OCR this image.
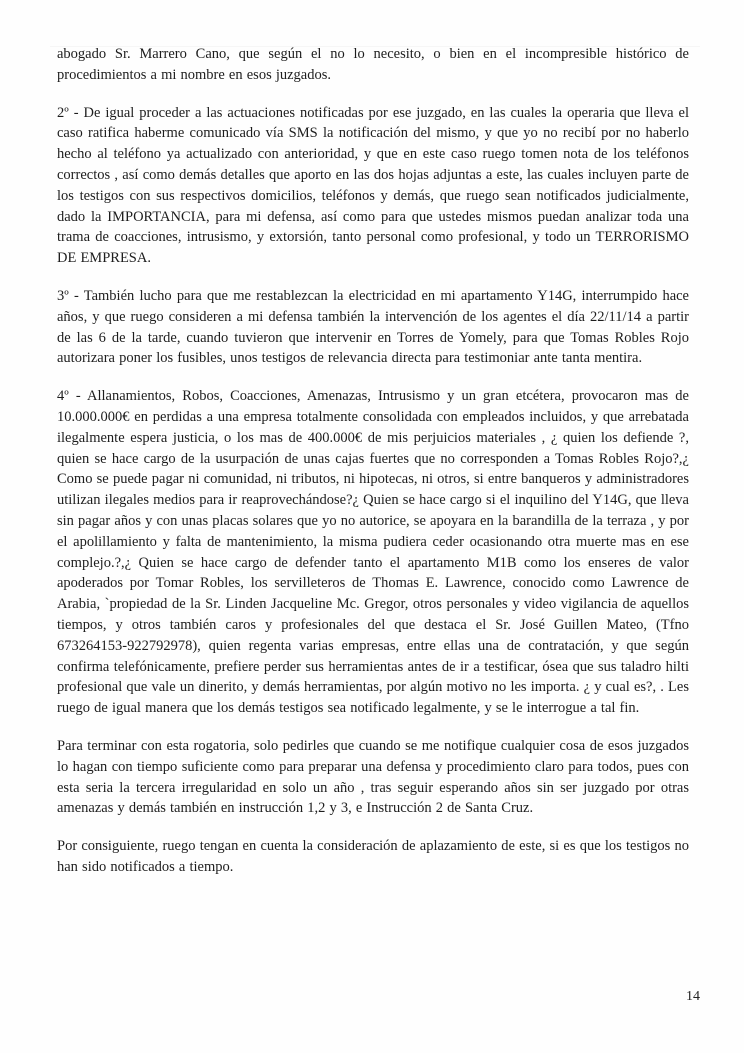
abogado Sr. Marrero Cano, que según el no lo necesito, o bien en el incompresible histórico de procedimientos a mi nombre en esos juzgados.

2º - De igual proceder a las actuaciones notificadas por ese juzgado, en las cuales la operaria que lleva el caso ratifica haberme comunicado vía SMS la notificación del mismo, y que yo no recibí por no haberlo hecho al teléfono ya actualizado con anterioridad, y que en este caso ruego tomen nota de los teléfonos correctos , así como demás detalles que aporto en las dos hojas adjuntas a este, las cuales incluyen parte de los testigos con sus respectivos domicilios, teléfonos y demás, que ruego sean notificados judicialmente, dado la IMPORTANCIA, para mi defensa, así como para que ustedes mismos puedan analizar toda una trama de coacciones, intrusismo, y extorsión, tanto personal como profesional, y todo un TERRORISMO DE EMPRESA.

3º - También lucho para que me restablezcan la electricidad en mi apartamento Y14G, interrumpido hace años, y que ruego consideren a mi defensa también la intervención de los agentes el día 22/11/14 a partir de las 6 de la tarde, cuando tuvieron que intervenir en Torres de Yomely, para que Tomas Robles Rojo autorizara poner los fusibles, unos testigos de relevancia directa para testimoniar ante tanta mentira.

4º - Allanamientos, Robos, Coacciones, Amenazas, Intrusismo y un gran etcétera, provocaron mas de 10.000.000€ en perdidas a una empresa totalmente consolidada con empleados incluidos, y que arrebatada ilegalmente espera justicia, o los mas de 400.000€ de mis perjuicios materiales , ¿ quien los defiende ?, quien se hace cargo de la usurpación de unas cajas fuertes que no corresponden a Tomas Robles Rojo?,¿ Como se puede pagar ni comunidad, ni tributos, ni hipotecas, ni otros, si entre banqueros y administradores utilizan ilegales medios para ir reaprovechándose?¿ Quien se hace cargo si el inquilino del Y14G, que lleva sin pagar años y con unas placas solares que yo no autorice, se apoyara en la barandilla de la terraza , y por el apolillamiento y falta de mantenimiento, la misma pudiera ceder ocasionando otra muerte mas en ese complejo.?,¿ Quien se hace cargo de defender tanto el apartamento M1B como los enseres de valor apoderados por Tomar Robles, los servilleteros de Thomas E. Lawrence, conocido como Lawrence de Arabia, `propiedad de la Sr. Linden Jacqueline Mc. Gregor, otros personales y video vigilancia de aquellos tiempos, y otros también caros y profesionales del que destaca el Sr. José Guillen Mateo, (Tfno 673264153-922792978), quien regenta varias empresas, entre ellas una de contratación, y que según confirma telefónicamente, prefiere perder sus herramientas antes de ir a testificar, ósea que sus taladro hilti profesional que vale un dinerito, y demás herramientas, por algún motivo no les importa. ¿ y cual es?, . Les ruego de igual manera que los demás testigos sea notificado legalmente, y se le interrogue a tal fin.

Para terminar con esta rogatoria, solo pedirles que cuando se me notifique cualquier cosa de esos juzgados lo hagan con tiempo suficiente como para preparar una defensa y procedimiento claro para todos, pues con esta seria la tercera irregularidad en solo un año , tras seguir esperando años sin ser juzgado por otras amenazas y demás también en instrucción 1,2 y 3, e Instrucción 2 de Santa Cruz.

Por consiguiente, ruego tengan en cuenta la consideración de aplazamiento de este, si es que los testigos no han sido notificados a tiempo.

14
